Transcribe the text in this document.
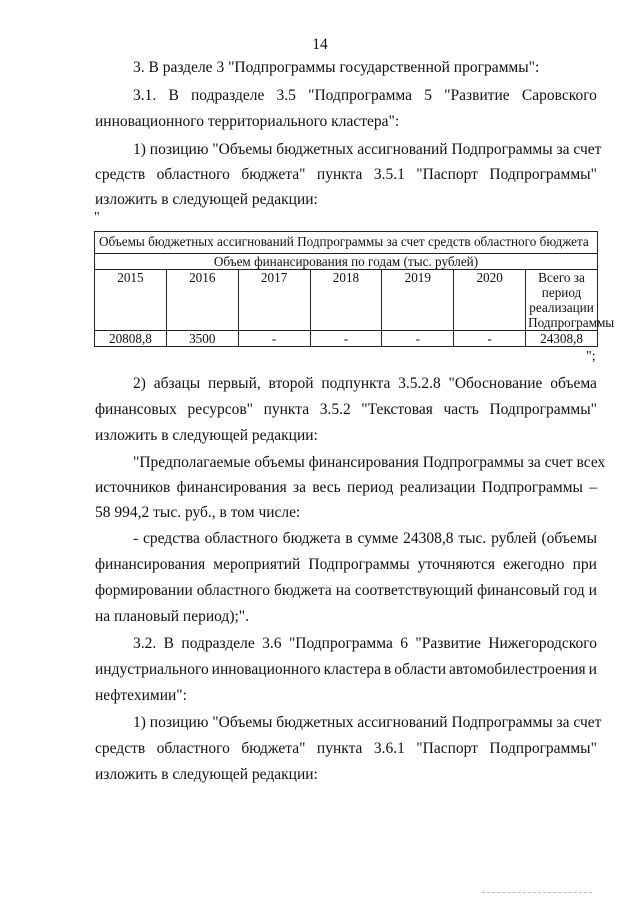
14
3. В разделе 3 "Подпрограммы государственной программы":
3.1. В подразделе 3.5 "Подпрограмма 5 "Развитие Саровского
инновационного территориального кластера":
1) позицию "Объемы бюджетных ассигнований Подпрограммы за счет
средств областного бюджета" пункта 3.5.1 "Паспорт Подпрограммы"
изложить в следующей редакции:
"
Объемы бюджетных ассигнований Подпрограммы за счет средств областного бюджета						
Объем финансирования по годам (тыс. рублей)						
2015	2016	2017	2018	2019	2020	Всего за период реализации Подпрограммы
20808,8	3500	-	-	-	-	24308,8
";
2) абзацы первый, второй подпункта 3.5.2.8 "Обоснование объема
финансовых ресурсов" пункта 3.5.2 "Текстовая часть Подпрограммы"
изложить в следующей редакции:
"Предполагаемые объемы финансирования Подпрограммы за счет всех
источников финансирования за весь период реализации Подпрограммы –
58 994,2 тыс. руб., в том числе:
- средства областного бюджета в сумме 24308,8 тыс. рублей (объемы
финансирования мероприятий Подпрограммы уточняются ежегодно при
формировании областного бюджета на соответствующий финансовый год и
на плановый период);".
3.2. В подразделе 3.6 "Подпрограмма 6 "Развитие Нижегородского
индустриального инновационного кластера в области автомобилестроения и
нефтехимии":
1) позицию "Объемы бюджетных ассигнований Подпрограммы за счет
средств областного бюджета" пункта 3.6.1 "Паспорт Подпрограммы"
изложить в следующей редакции:
